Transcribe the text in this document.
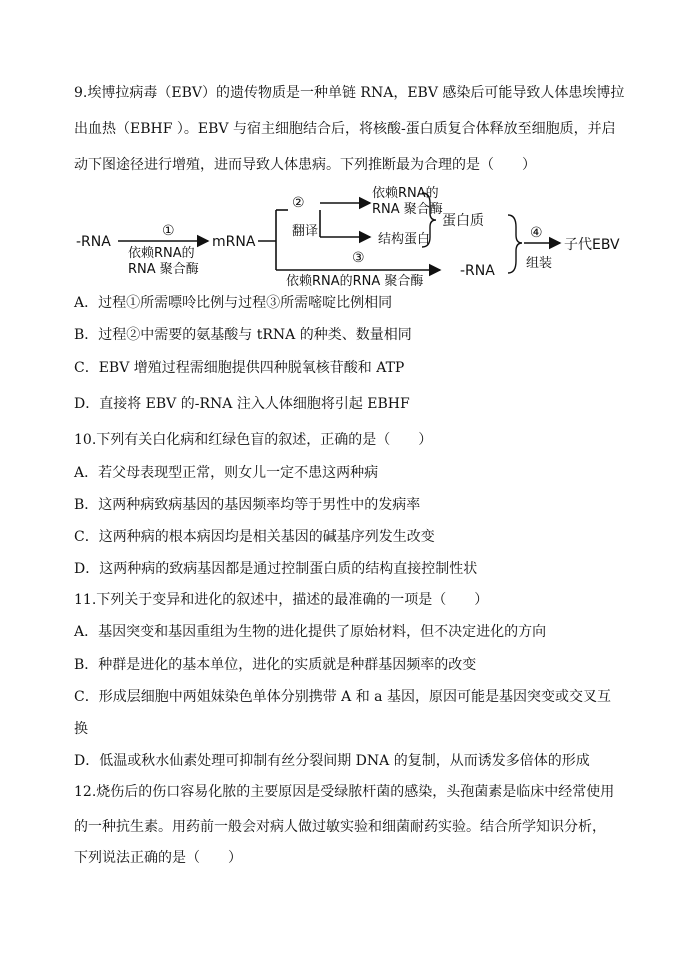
9.埃博拉病毒（EBV）的遗传物质是一种单链 RNA，EBV 感染后可能导致人体患埃博拉
出血热（EBHF ）。EBV 与宿主细胞结合后，将核酸-蛋白质复合体释放至细胞质，并启
动下图途径进行增殖，进而导致人体患病。下列推断最为合理的是（　　）
-RNA
①
依赖RNA的
RNA 聚合酶
mRNA
②
翻译
依赖RNA的
RNA 聚合酶
结构蛋白
蛋白质
③
依赖RNA的RNA 聚合酶
-RNA
④
组装
子代EBV
A．过程①所需嘌呤比例与过程③所需嘧啶比例相同
B．过程②中需要的氨基酸与 tRNA 的种类、数量相同
C．EBV 增殖过程需细胞提供四种脱氧核苷酸和 ATP
D．直接将 EBV 的-RNA 注入人体细胞将引起 EBHF
10.下列有关白化病和红绿色盲的叙述，正确的是（　　）
A．若父母表现型正常，则女儿一定不患这两种病
B．这两种病致病基因的基因频率均等于男性中的发病率
C．这两种病的根本病因均是相关基因的碱基序列发生改变
D．这两种病的致病基因都是通过控制蛋白质的结构直接控制性状
11.下列关于变异和进化的叙述中，描述的最准确的一项是（　　）
A．基因突变和基因重组为生物的进化提供了原始材料，但不决定进化的方向
B．种群是进化的基本单位，进化的实质就是种群基因频率的改变
C．形成层细胞中两姐妹染色单体分别携带 A 和 a 基因，原因可能是基因突变或交叉互
换
D．低温或秋水仙素处理可抑制有丝分裂间期 DNA 的复制，从而诱发多倍体的形成
12.烧伤后的伤口容易化脓的主要原因是受绿脓杆菌的感染，头孢菌素是临床中经常使用
的一种抗生素。用药前一般会对病人做过敏实验和细菌耐药实验。结合所学知识分析，
下列说法正确的是（　　）
